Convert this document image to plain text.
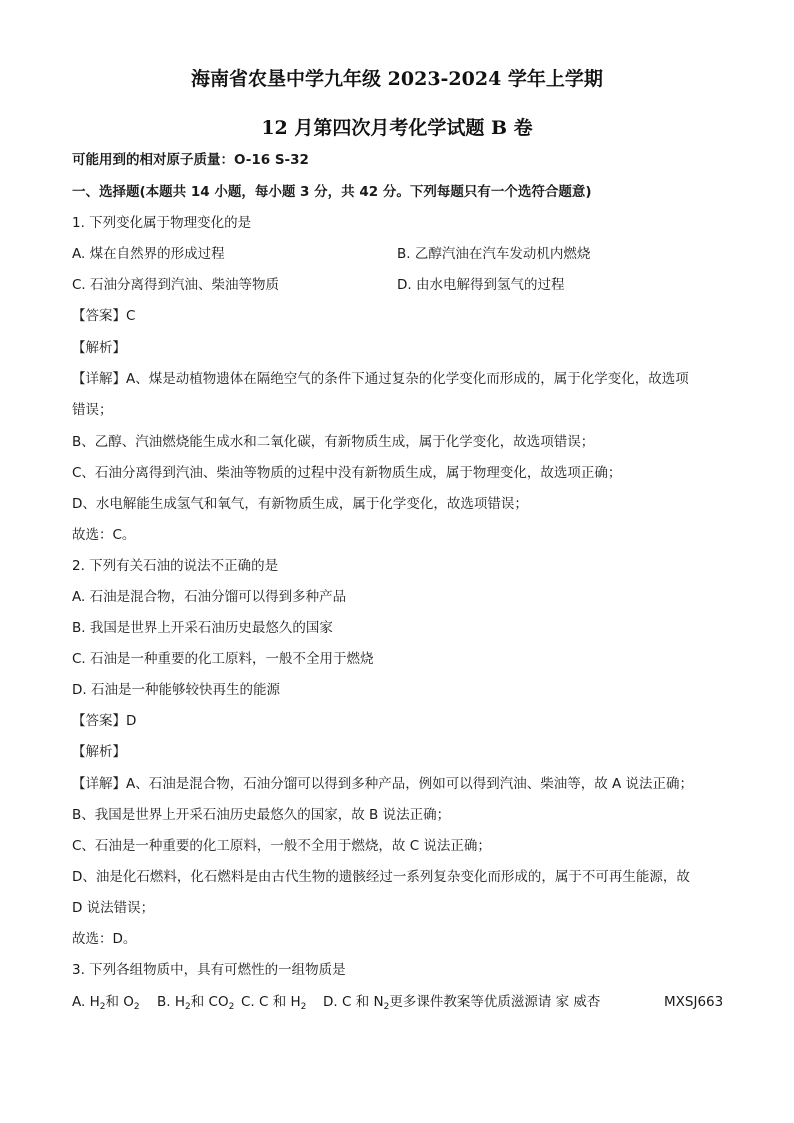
海南省农垦中学九年级 2023-2024 学年上学期
12 月第四次月考化学试题 B 卷
可能用到的相对原子质量：O-16 S-32
一、选择题(本题共 14 小题，每小题 3 分，共 42 分。下列每题只有一个选符合题意)
1. 下列变化属于物理变化的是
A. 煤在自然界的形成过程	B. 乙醇汽油在汽车发动机内燃烧
C. 石油分离得到汽油、柴油等物质	D. 由水电解得到氢气的过程
【答案】C
【解析】
【详解】A、煤是动植物遗体在隔绝空气的条件下通过复杂的化学变化而形成的，属于化学变化，故选项
错误；
B、乙醇、汽油燃烧能生成水和二氧化碳，有新物质生成，属于化学变化，故选项错误；
C、石油分离得到汽油、柴油等物质的过程中没有新物质生成，属于物理变化，故选项正确；
D、水电解能生成氢气和氧气，有新物质生成，属于化学变化，故选项错误；
故选：C。
2. 下列有关石油的说法不正确的是
A. 石油是混合物，石油分馏可以得到多种产品
B. 我国是世界上开采石油历史最悠久的国家
C. 石油是一种重要的化工原料，一般不全用于燃烧
D. 石油是一种能够较快再生的能源
【答案】D
【解析】
【详解】A、石油是混合物，石油分馏可以得到多种产品，例如可以得到汽油、柴油等，故 A 说法正确；
B、我国是世界上开采石油历史最悠久的国家，故 B 说法正确；
C、石油是一种重要的化工原料，一般不全用于燃烧，故 C 说法正确；
D、油是化石燃料，化石燃料是由古代生物的遗骸经过一系列复杂变化而形成的，属于不可再生能源，故
D 说法错误；
故选：D。
3. 下列各组物质中，具有可燃性的一组物质是
A. $H_2$和 $O_2$ B. $H_2$和 $CO_2$ C. C 和 $H_2$ D. C 和 $N_2$更多课件教案等优质滋源请 家 威杏	MXSJ663
